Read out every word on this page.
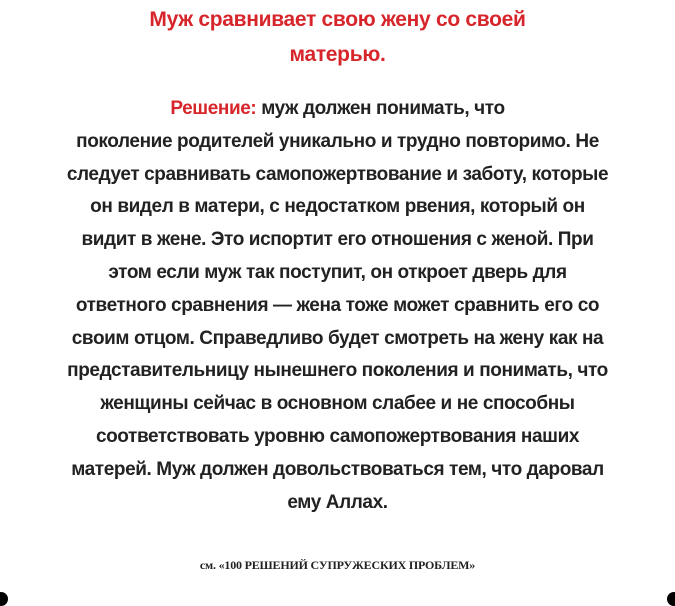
Муж сравнивает свою жену со своей
матерью.
Решение: муж должен понимать, что
поколение родителей уникально и трудно повторимо. Не
следует сравнивать самопожертвование и заботу, которые
он видел в матери, с недостатком рвения, который он
видит в жене. Это испортит его отношения с женой. При
этом если муж так поступит, он откроет дверь для
ответного сравнения — жена тоже может сравнить его со
своим отцом. Справедливо будет смотреть на жену как на
представительницу нынешнего поколения и понимать, что
женщины сейчас в основном слабее и не способны
соответствовать уровню самопожертвования наших
матерей. Муж должен довольствоваться тем, что даровал
ему Аллах.
см. «100 РЕШЕНИЙ СУПРУЖЕСКИХ ПРОБЛЕМ»
